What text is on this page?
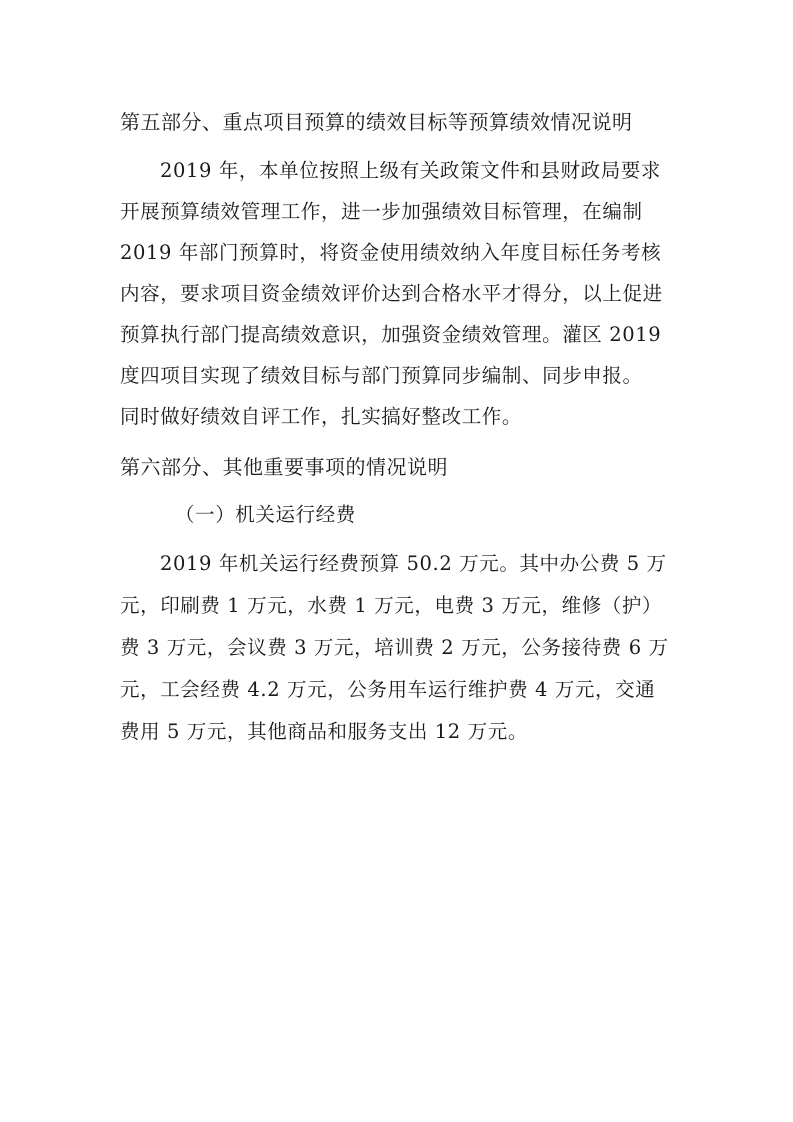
第五部分、重点项目预算的绩效目标等预算绩效情况说明

2019 年，本单位按照上级有关政策文件和县财政局要求

开展预算绩效管理工作，进一步加强绩效目标管理，在编制

2019 年部门预算时，将资金使用绩效纳入年度目标任务考核

内容，要求项目资金绩效评价达到合格水平才得分，以上促进

预算执行部门提高绩效意识，加强资金绩效管理。灌区 2019

度四项目实现了绩效目标与部门预算同步编制、同步申报。

同时做好绩效自评工作，扎实搞好整改工作。

第六部分、其他重要事项的情况说明

（一）机关运行经费

2019 年机关运行经费预算 50.2 万元。其中办公费 5 万

元，印刷费 1 万元，水费 1 万元，电费 3 万元，维修（护）

费 3 万元，会议费 3 万元，培训费 2 万元，公务接待费 6 万

元，工会经费 4.2 万元，公务用车运行维护费 4 万元，交通

费用 5 万元，其他商品和服务支出 12 万元。
